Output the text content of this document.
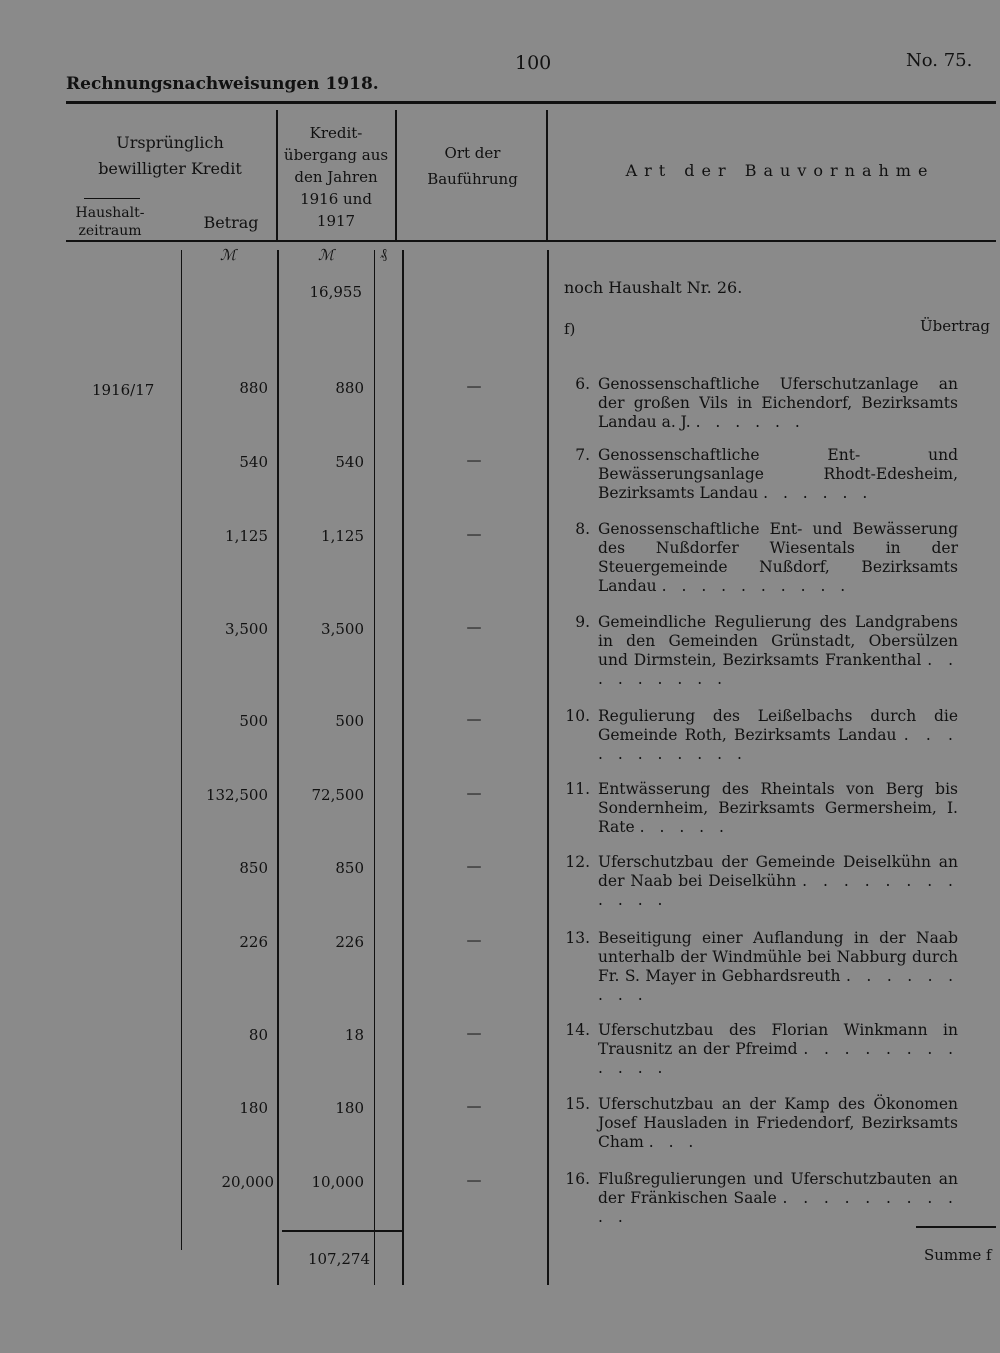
Rechnungsnachweisungen 1918.
100	No. 75.
Ursprünglich bewilligter Kredit
Haushalt-zeitraum	Betrag
Kredit-übergang aus den Jahren 1916 und 1917
Ort der Bauführung	Art der Bauvornahme
ℳ	ℳ	₰
16,955	noch Haushalt Nr. 26.
f)	Übertrag
1916/17	880	880	—	6. Genossenschaftliche Uferschutzanlage an der großen Vils in Eichendorf, Bezirksamts Landau a. J. . . . . . .
540	540	—	7. Genossenschaftliche Ent- und Bewässerungsanlage Rhodt-Edesheim, Bezirksamts Landau . . . . . .
1,125	1,125	—	8. Genossenschaftliche Ent- und Bewässerung des Nußdorfer Wiesentals in der Steuergemeinde Nußdorf, Bezirksamts Landau . . . . . . . . . .
3,500	3,500	—	9. Gemeindliche Regulierung des Landgrabens in den Gemeinden Grünstadt, Obersülzen und Dirmstein, Bezirksamts Frankenthal . . . . . . . . .
500	500	—	10. Regulierung des Leißelbachs durch die Gemeinde Roth, Bezirksamts Landau . . . . . . . . . . .
132,500	72,500	—	11. Entwässerung des Rheintals von Berg bis Sondernheim, Bezirksamts Germersheim, I. Rate . . . . .
850	850	—	12. Uferschutzbau der Gemeinde Deiselkühn an der Naab bei Deiselkühn . . . . . . . . . . . .
226	226	—	13. Beseitigung einer Auflandung in der Naab unterhalb der Windmühle bei Nabburg durch Fr. S. Mayer in Gebhardsreuth . . . . . . . . .
80	18	—	14. Uferschutzbau des Florian Winkmann in Trausnitz an der Pfreimd . . . . . . . . . . . .
180	180	—	15. Uferschutzbau an der Kamp des Ökonomen Josef Hausladen in Friedendorf, Bezirksamts Cham . . .
20,000	10,000	—	16. Flußregulierungen und Uferschutzbauten an der Fränkischen Saale . . . . . . . . . . .
107,274	Summe f
